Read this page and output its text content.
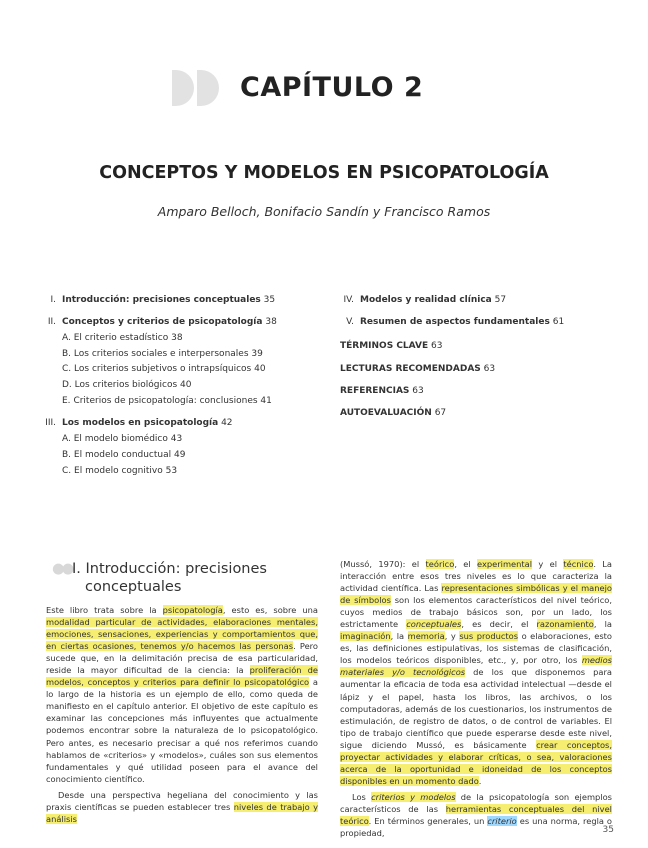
CAPÍTULO 2
CONCEPTOS Y MODELOS EN PSICOPATOLOGÍA
Amparo Belloch, Bonifacio Sandín y Francisco Ramos
I. Introducción: precisiones conceptuales 35
II. Conceptos y criterios de psicopatología 38
A. El criterio estadístico 38
B. Los criterios sociales e interpersonales 39
C. Los criterios subjetivos o intrapsíquicos 40
D. Los criterios biológicos 40
E. Criterios de psicopatología: conclusiones 41
III. Los modelos en psicopatología 42
A. El modelo biomédico 43
B. El modelo conductual 49
C. El modelo cognitivo 53
IV. Modelos y realidad clínica 57
V. Resumen de aspectos fundamentales 61
TÉRMINOS CLAVE 63
LECTURAS RECOMENDADAS 63
REFERENCIAS 63
AUTOEVALUACIÓN 67
●●I. Introducción: precisiones
conceptuales

Este libro trata sobre la psicopatología, esto es, sobre una modalidad particular de actividades, elaboraciones mentales, emociones, sensaciones, experiencias y comportamientos que, en ciertas ocasiones, tenemos y/o hacemos las personas. Pero sucede que, en la delimitación precisa de esa particularidad, reside la mayor dificultad de la ciencia: la proliferación de modelos, conceptos y criterios para definir lo psicopatológico a lo largo de la historia es un ejemplo de ello, como queda de manifiesto en el capítulo anterior. El objetivo de este capítulo es examinar las concepciones más influyentes que actualmente podemos encontrar sobre la naturaleza de lo psicopatológico. Pero antes, es necesario precisar a qué nos referimos cuando hablamos de «criterios» y «modelos», cuáles son sus elementos fundamentales y qué utilidad poseen para el avance del conocimiento científico.

Desde una perspectiva hegeliana del conocimiento y las praxis científicas se pueden establecer tres niveles de trabajo y análisis

(Mussó, 1970): el teórico, el experimental y el técnico. La interacción entre esos tres niveles es lo que caracteriza la actividad científica. Las representaciones simbólicas y el manejo de símbolos son los elementos característicos del nivel teórico, cuyos medios de trabajo básicos son, por un lado, los estrictamente conceptuales, es decir, el razonamiento, la imaginación, la memoria, y sus productos o elaboraciones, esto es, las definiciones estipulativas, los sistemas de clasificación, los modelos teóricos disponibles, etc., y, por otro, los medios materiales y/o tecnológicos de los que disponemos para aumentar la eficacia de toda esa actividad intelectual —desde el lápiz y el papel, hasta los libros, las archivos, o los computadoras, además de los cuestionarios, los instrumentos de estimulación, de registro de datos, o de control de variables. El tipo de trabajo científico que puede esperarse desde este nivel, sigue diciendo Mussó, es básicamente crear conceptos, proyectar actividades y elaborar críticas, o sea, valoraciones acerca de la oportunidad e idoneidad de los conceptos disponibles en un momento dado.

Los criterios y modelos de la psicopatología son ejemplos característicos de las herramientas conceptuales del nivel teórico. En términos generales, un criterio es una norma, regla o propiedad,	35
